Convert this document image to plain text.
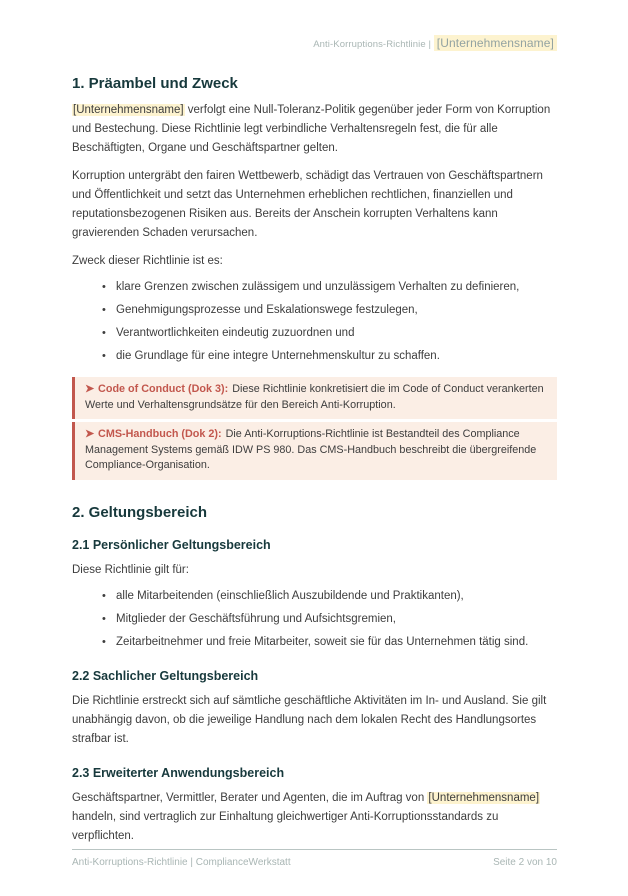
Anti-Korruptions-Richtlinie | [Unternehmensname]
1. Präambel und Zweck

[Unternehmensname] verfolgt eine Null-Toleranz-Politik gegenüber jeder Form von Korruption und Bestechung. Diese Richtlinie legt verbindliche Verhaltensregeln fest, die für alle Beschäftigten, Organe und Geschäftspartner gelten.

Korruption untergräbt den fairen Wettbewerb, schädigt das Vertrauen von Geschäftspartnern und Öffentlichkeit und setzt das Unternehmen erheblichen rechtlichen, finanziellen und reputationsbezogenen Risiken aus. Bereits der Anschein korrupten Verhaltens kann gravierenden Schaden verursachen.

Zweck dieser Richtlinie ist es:

• klare Grenzen zwischen zulässigem und unzulässigem Verhalten zu definieren,
• Genehmigungsprozesse und Eskalationswege festzulegen,
• Verantwortlichkeiten eindeutig zuzuordnen und
• die Grundlage für eine integre Unternehmenskultur zu schaffen.
➤ Code of Conduct (Dok 3): Diese Richtlinie konkretisiert die im Code of Conduct verankerten Werte und Verhaltensgrundsätze für den Bereich Anti-Korruption.
➤ CMS-Handbuch (Dok 2): Die Anti-Korruptions-Richtlinie ist Bestandteil des Compliance Management Systems gemäß IDW PS 980. Das CMS-Handbuch beschreibt die übergreifende Compliance-Organisation.
2. Geltungsbereich
2.1 Persönlicher Geltungsbereich

Diese Richtlinie gilt für:

• alle Mitarbeitenden (einschließlich Auszubildende und Praktikanten),
• Mitglieder der Geschäftsführung und Aufsichtsgremien,
• Zeitarbeitnehmer und freie Mitarbeiter, soweit sie für das Unternehmen tätig sind.
2.2 Sachlicher Geltungsbereich

Die Richtlinie erstreckt sich auf sämtliche geschäftliche Aktivitäten im In- und Ausland. Sie gilt unabhängig davon, ob die jeweilige Handlung nach dem lokalen Recht des Handlungsortes strafbar ist.

2.3 Erweiterter Anwendungsbereich

Geschäftspartner, Vermittler, Berater und Agenten, die im Auftrag von [Unternehmensname] handeln, sind vertraglich zur Einhaltung gleichwertiger Anti-Korruptionsstandards zu verpflichten.

Anti-Korruptions-Richtlinie | ComplianceWerkstatt	Seite 2 von 10
